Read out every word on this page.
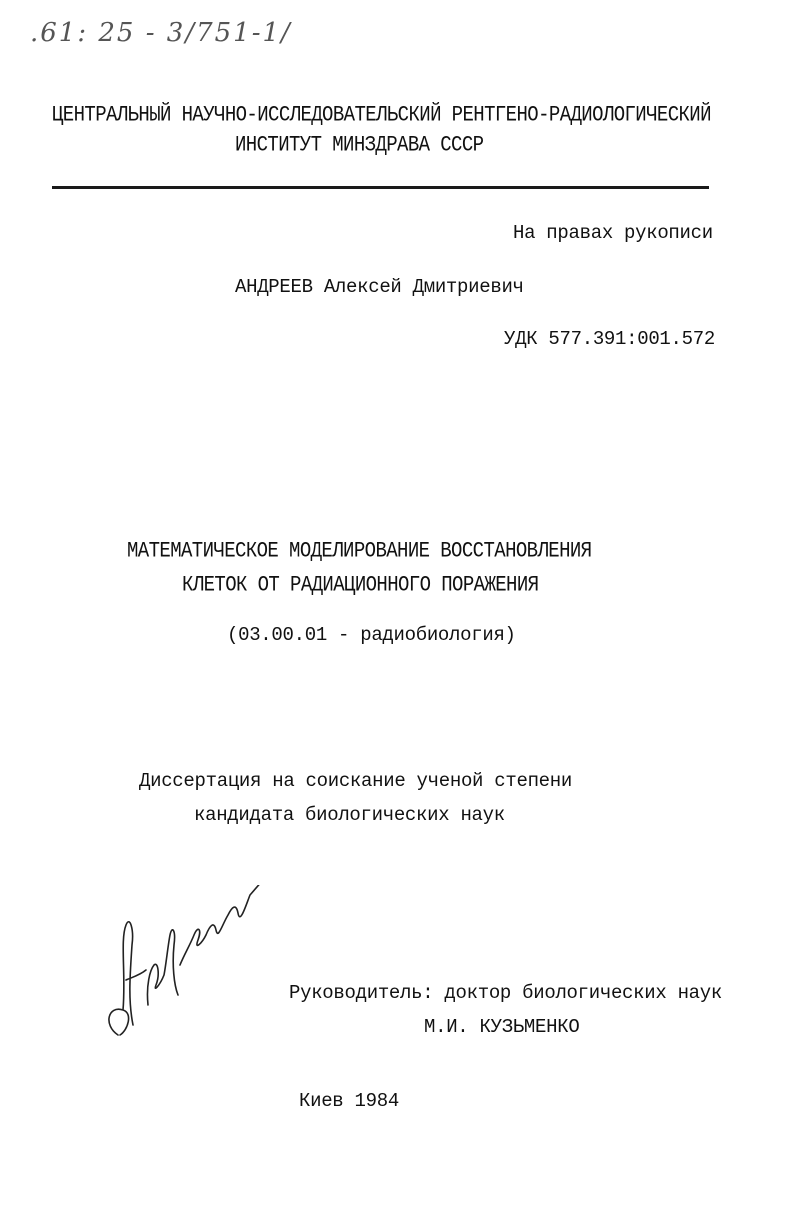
.61: 25 - 3/751-1/
ЦЕНТРАЛЬНЫЙ НАУЧНО-ИССЛЕДОВАТЕЛЬСКИЙ РЕНТГЕНО-РАДИОЛОГИЧЕСКИЙ
ИНСТИТУТ МИНЗДРАВА СССР
На правах рукописи
АНДРЕЕВ Алексей Дмитриевич
УДК 577.391:001.572
МАТЕМАТИЧЕСКОЕ МОДЕЛИРОВАНИЕ ВОССТАНОВЛЕНИЯ
КЛЕТОК ОТ РАДИАЦИОННОГО ПОРАЖЕНИЯ
(03.00.01 - радиобиология)
Диссертация на соискание ученой степени
кандидата биологических наук
Руководитель: доктор биологических наук
М.И. КУЗЬМЕНКО
Киев 1984
